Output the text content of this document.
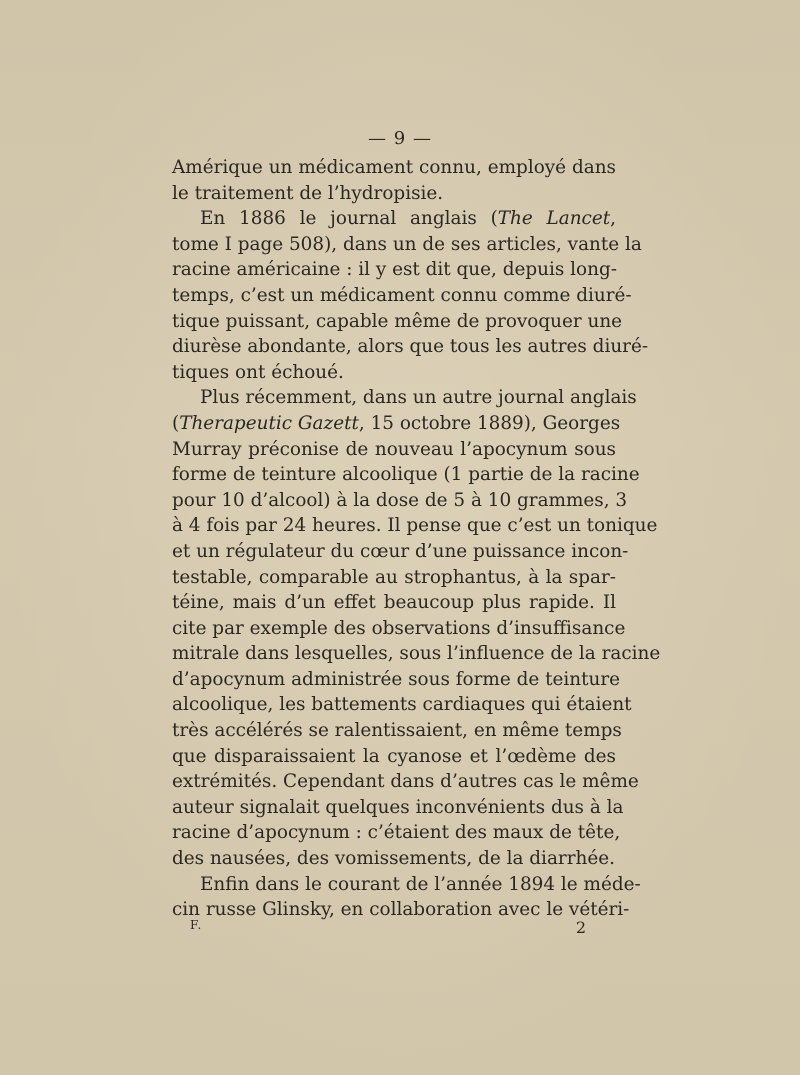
— 9 —
Amérique un médicament connu, employé dans
le traitement de l’hydropisie.
En 1886 le journal anglais (The Lancet,
tome I page 508), dans un de ses articles, vante la
racine américaine : il y est dit que, depuis long-
temps, c’est un médicament connu comme diuré-
tique puissant, capable même de provoquer une
diurèse abondante, alors que tous les autres diuré-
tiques ont échoué.
Plus récemment, dans un autre journal anglais
(Therapeutic Gazett, 15 octobre 1889), Georges
Murray préconise de nouveau l’apocynum sous
forme de teinture alcoolique (1 partie de la racine
pour 10 d’alcool) à la dose de 5 à 10 grammes, 3
à 4 fois par 24 heures. Il pense que c’est un tonique
et un régulateur du cœur d’une puissance incon-
testable, comparable au strophantus, à la spar-
téine, mais d’un effet beaucoup plus rapide. Il
cite par exemple des observations d’insuffisance
mitrale dans lesquelles, sous l’influence de la racine
d’apocynum administrée sous forme de teinture
alcoolique, les battements cardiaques qui étaient
très accélérés se ralentissaient, en même temps
que disparaissaient la cyanose et l’œdème des
extrémités. Cependant dans d’autres cas le même
auteur signalait quelques inconvénients dus à la
racine d’apocynum : c’étaient des maux de tête,
des nausées, des vomissements, de la diarrhée.
Enfin dans le courant de l’année 1894 le méde-
cin russe Glinsky, en collaboration avec le vétéri-
F.	2
